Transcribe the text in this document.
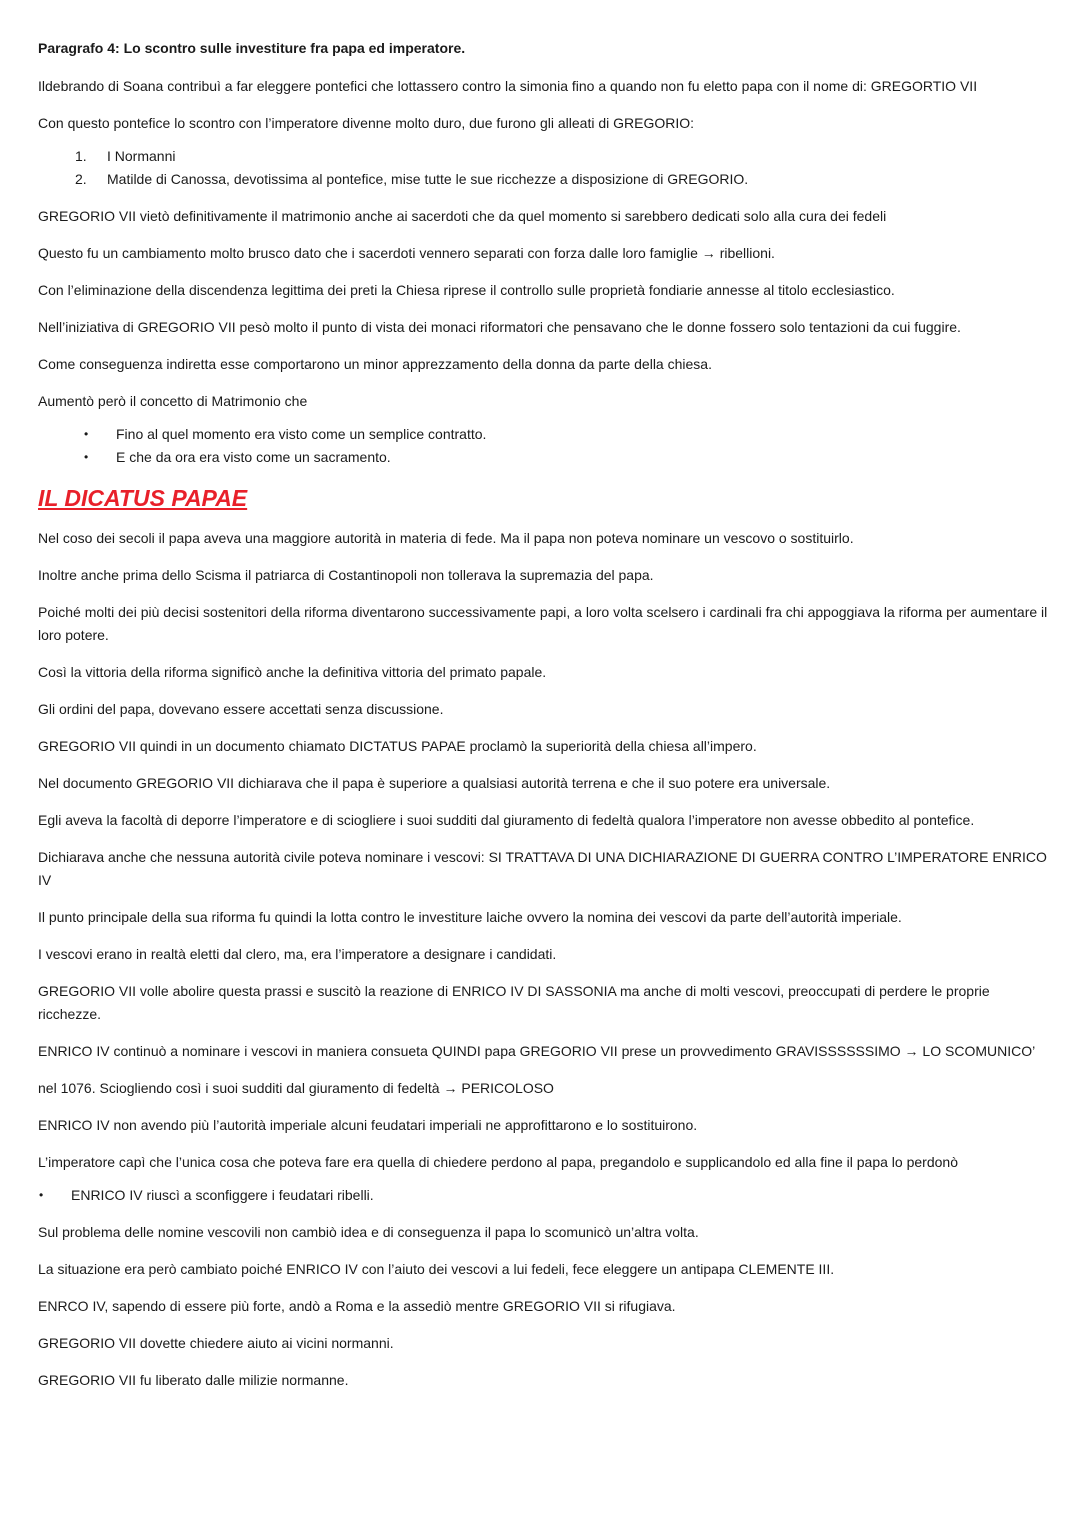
Paragrafo 4: Lo scontro sulle investiture fra papa ed imperatore.

Ildebrando di Soana contribuì a far eleggere pontefici che lottassero contro la simonia fino a quando non fu eletto papa con il nome di: GREGORTIO VII

Con questo pontefice lo scontro con l’imperatore divenne molto duro, due furono gli alleati di GREGORIO:

1. I Normanni
2. Matilde di Canossa, devotissima al pontefice, mise tutte le sue ricchezze a disposizione di GREGORIO.

GREGORIO VII vietò definitivamente il matrimonio anche ai sacerdoti che da quel momento si sarebbero dedicati solo alla cura dei fedeli

Questo fu un cambiamento molto brusco dato che i sacerdoti vennero separati con forza dalle loro famiglie → ribellioni.

Con l’eliminazione della discendenza legittima dei preti la Chiesa riprese il controllo sulle proprietà fondiarie annesse al titolo ecclesiastico.

Nell’iniziativa di GREGORIO VII pesò molto il punto di vista dei monaci riformatori che pensavano che le donne fossero solo tentazioni da cui fuggire.

Come conseguenza indiretta esse comportarono un minor apprezzamento della donna da parte della chiesa.

Aumentò però il concetto di Matrimonio che

• Fino al quel momento era visto come un semplice contratto.
• E che da ora era visto come un sacramento.
IL DICATUS PAPAE

Nel coso dei secoli il papa aveva una maggiore autorità in materia di fede. Ma il papa non poteva nominare un vescovo o sostituirlo.

Inoltre anche prima dello Scisma il patriarca di Costantinopoli non tollerava la supremazia del papa.

Poiché molti dei più decisi sostenitori della riforma diventarono successivamente papi, a loro volta scelsero i cardinali fra chi appoggiava la riforma per aumentare il loro potere.

Così la vittoria della riforma significò anche la definitiva vittoria del primato papale.

Gli ordini del papa, dovevano essere accettati senza discussione.

GREGORIO VII quindi in un documento chiamato DICTATUS PAPAE proclamò la superiorità della chiesa all’impero.

Nel documento GREGORIO VII dichiarava che il papa è superiore a qualsiasi autorità terrena e che il suo potere era universale.

Egli aveva la facoltà di deporre l’imperatore e di sciogliere i suoi sudditi dal giuramento di fedeltà qualora l’imperatore non avesse obbedito al pontefice.

Dichiarava anche che nessuna autorità civile poteva nominare i vescovi: SI TRATTAVA DI UNA DICHIARAZIONE DI GUERRA CONTRO L’IMPERATORE ENRICO IV

Il punto principale della sua riforma fu quindi la lotta contro le investiture laiche ovvero la nomina dei vescovi da parte dell’autorità imperiale.

I vescovi erano in realtà eletti dal clero, ma, era l’imperatore a designare i candidati.

GREGORIO VII volle abolire questa prassi e suscitò la reazione di ENRICO IV DI SASSONIA ma anche di molti vescovi, preoccupati di perdere le proprie ricchezze.

ENRICO IV continuò a nominare i vescovi in maniera consueta QUINDI papa GREGORIO VII prese un provvedimento GRAVISSSSSSIMO → LO SCOMUNICO’

nel 1076. Sciogliendo così i suoi sudditi dal giuramento di fedeltà → PERICOLOSO

ENRICO IV non avendo più l’autorità imperiale alcuni feudatari imperiali ne approfittarono e lo sostituirono.

L’imperatore capì che l’unica cosa che poteva fare era quella di chiedere perdono al papa, pregandolo e supplicandolo ed alla fine il papa lo perdonò

• ENRICO IV riuscì a sconfiggere i feudatari ribelli.

Sul problema delle nomine vescovili non cambiò idea e di conseguenza il papa lo scomunicò un’altra volta.

La situazione era però cambiato poiché ENRICO IV con l’aiuto dei vescovi a lui fedeli, fece eleggere un antipapa CLEMENTE III.

ENRCO IV, sapendo di essere più forte, andò a Roma e la assediò mentre GREGORIO VII si rifugiava.

GREGORIO VII dovette chiedere aiuto ai vicini normanni.

GREGORIO VII fu liberato dalle milizie normanne.
